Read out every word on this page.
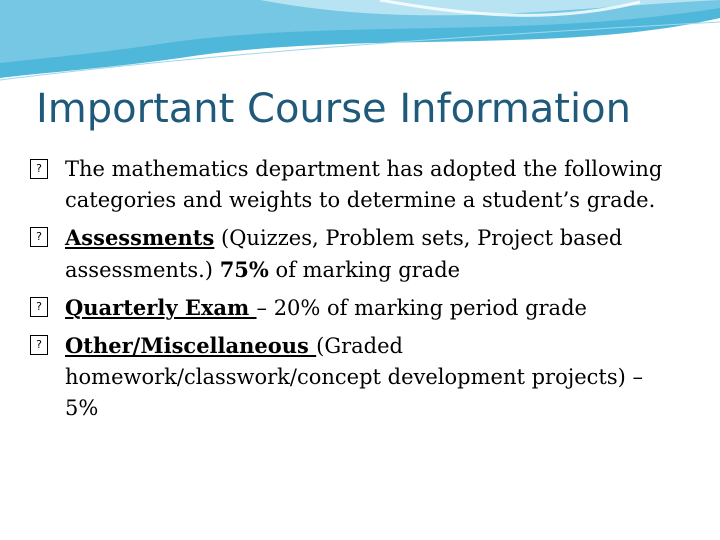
Important Course Information
? The mathematics department has adopted the following categories and weights to determine a student’s grade.
? Assessments (Quizzes, Problem sets, Project based assessments.) 75% of marking grade
? Quarterly Exam – 20% of marking period grade
? Other/Miscellaneous (Graded homework/classwork/concept development projects) – 5%
